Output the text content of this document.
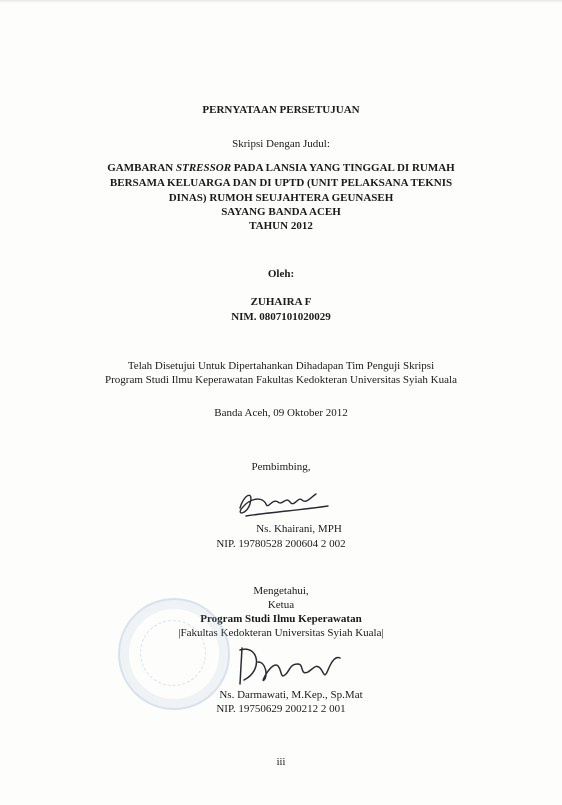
PERNYATAAN PERSETUJUAN
Skripsi Dengan Judul:
GAMBARAN STRESSOR PADA LANSIA YANG TINGGAL DI RUMAH
BERSAMA KELUARGA DAN DI UPTD (UNIT PELAKSANA TEKNIS
DINAS) RUMOH SEUJAHTERA GEUNASEH
SAYANG BANDA ACEH
TAHUN 2012
Oleh:
ZUHAIRA F
NIM. 0807101020029
Telah Disetujui Untuk Dipertahankan Dihadapan Tim Penguji Skripsi
Program Studi Ilmu Keperawatan Fakultas Kedokteran Universitas Syiah Kuala
Banda Aceh, 09 Oktober 2012
Pembimbing,
Ns. Khairani, MPH
NIP. 19780528 200604 2 002
Mengetahui,
Ketua
Program Studi Ilmu Keperawatan
|Fakultas Kedokteran Universitas Syiah Kuala|
Ns. Darmawati, M.Kep., Sp.Mat
NIP. 19750629 200212 2 001
iii
